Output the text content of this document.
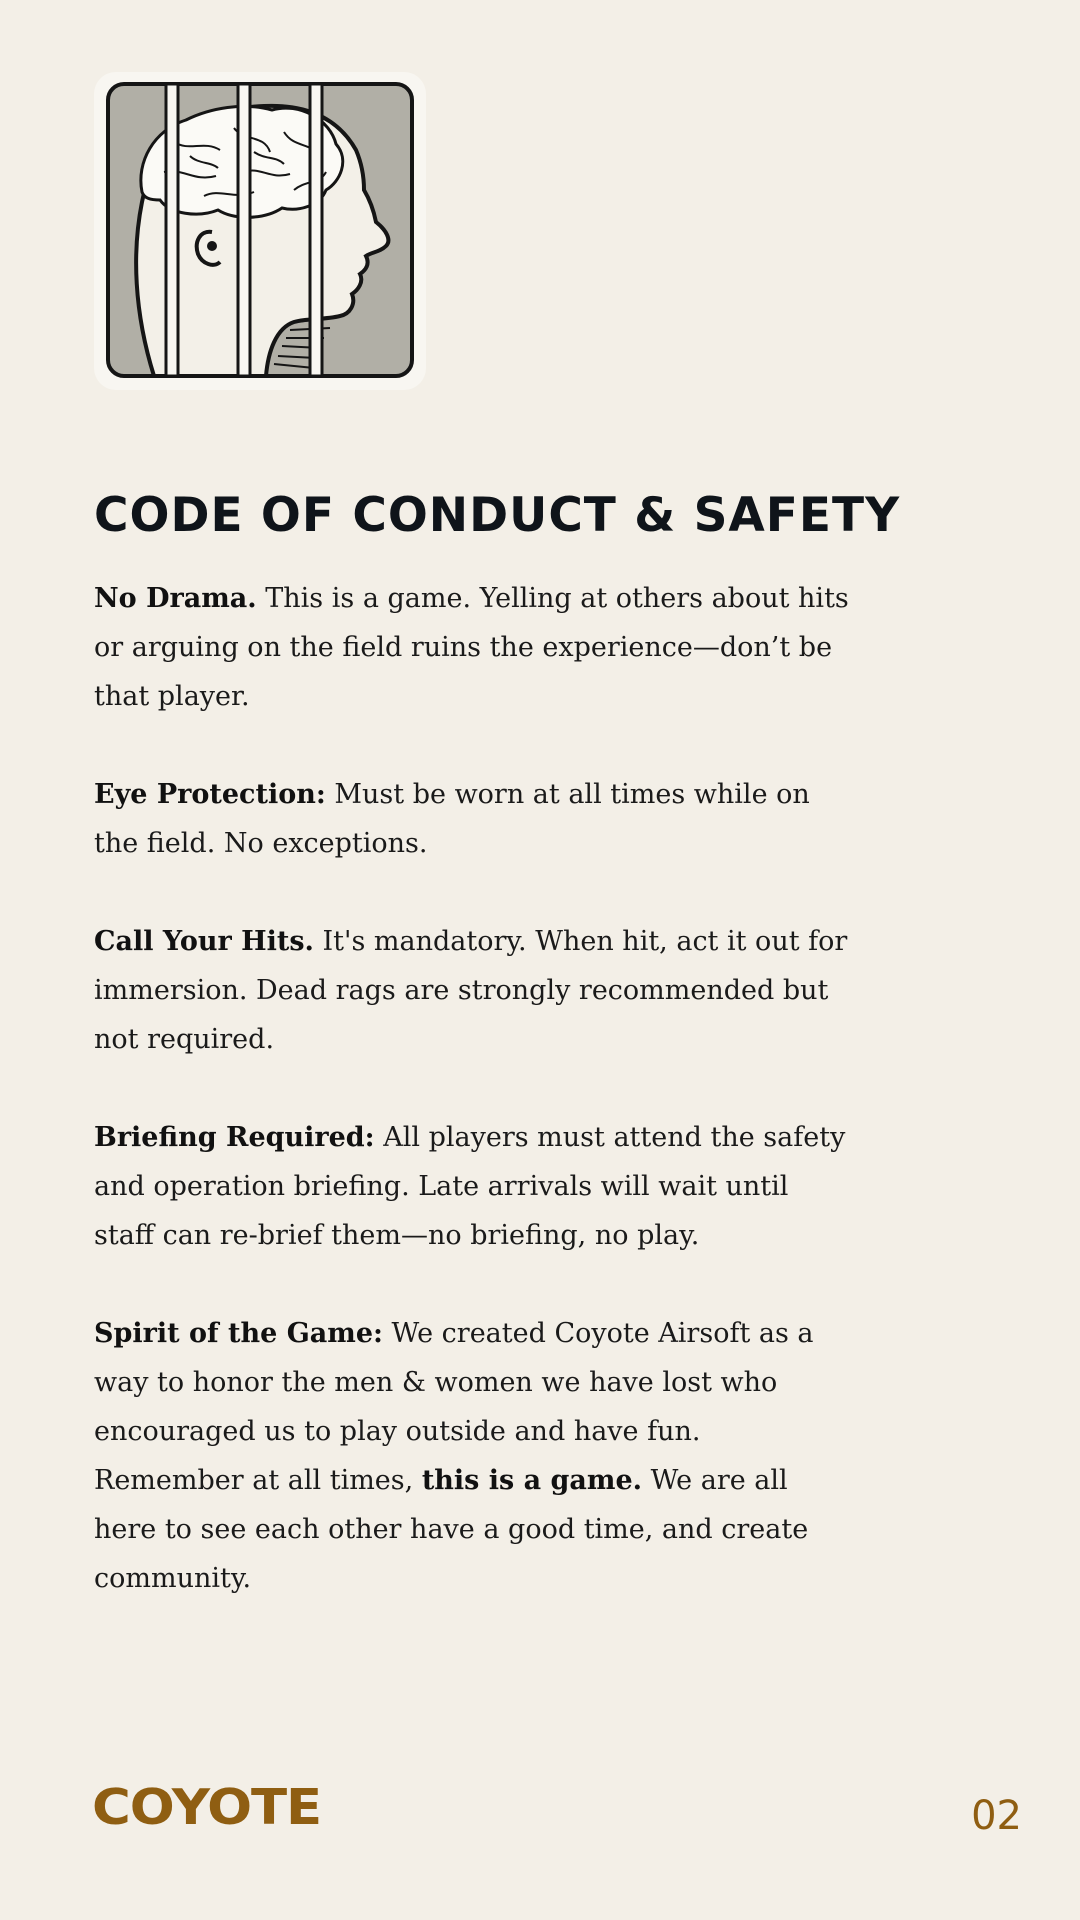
CODE OF CONDUCT & SAFETY

No Drama. This is a game. Yelling at others about hits or arguing on the field ruins the experience—don’t be that player.

Eye Protection: Must be worn at all times while on the field. No exceptions.

Call Your Hits. It's mandatory. When hit, act it out for immersion. Dead rags are strongly recommended but not required.

Briefing Required: All players must attend the safety and operation briefing. Late arrivals will wait until staff can re-brief them—no briefing, no play.

Spirit of the Game: We created Coyote Airsoft as a way to honor the men & women we have lost who encouraged us to play outside and have fun. Remember at all times, this is a game. We are all here to see each other have a good time, and create community.

COYOTE	02
